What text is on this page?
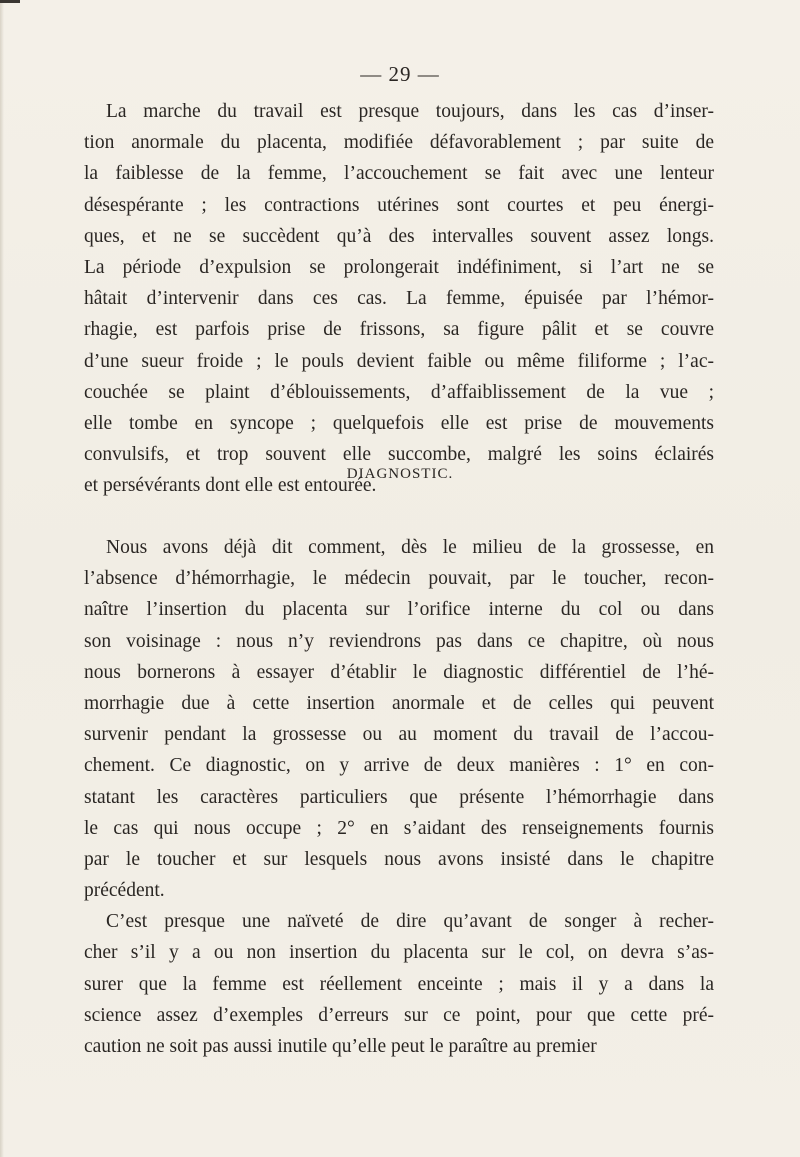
— 29 —
La marche du travail est presque toujours, dans les cas d’inser-
tion anormale du placenta, modifiée défavorablement ; par suite de
la faiblesse de la femme, l’accouchement se fait avec une lenteur
désespérante ; les contractions utérines sont courtes et peu énergi-
ques, et ne se succèdent qu’à des intervalles souvent assez longs.
La période d’expulsion se prolongerait indéfiniment, si l’art ne se
hâtait d’intervenir dans ces cas. La femme, épuisée par l’hémor-
rhagie, est parfois prise de frissons, sa figure pâlit et se couvre
d’une sueur froide ; le pouls devient faible ou même filiforme ; l’ac-
couchée se plaint d’éblouissements, d’affaiblissement de la vue ;
elle tombe en syncope ; quelquefois elle est prise de mouvements
convulsifs, et trop souvent elle succombe, malgré les soins éclairés
et persévérants dont elle est entourée.
DIAGNOSTIC.
Nous avons déjà dit comment, dès le milieu de la grossesse, en
l’absence d’hémorrhagie, le médecin pouvait, par le toucher, recon-
naître l’insertion du placenta sur l’orifice interne du col ou dans
son voisinage : nous n’y reviendrons pas dans ce chapitre, où nous
nous bornerons à essayer d’établir le diagnostic différentiel de l’hé-
morrhagie due à cette insertion anormale et de celles qui peuvent
survenir pendant la grossesse ou au moment du travail de l’accou-
chement. Ce diagnostic, on y arrive de deux manières : 1° en con-
statant les caractères particuliers que présente l’hémorrhagie dans
le cas qui nous occupe ; 2° en s’aidant des renseignements fournis
par le toucher et sur lesquels nous avons insisté dans le chapitre
précédent.
C’est presque une naïveté de dire qu’avant de songer à recher-
cher s’il y a ou non insertion du placenta sur le col, on devra s’as-
surer que la femme est réellement enceinte ; mais il y a dans la
science assez d’exemples d’erreurs sur ce point, pour que cette pré-
caution ne soit pas aussi inutile qu’elle peut le paraître au premier
